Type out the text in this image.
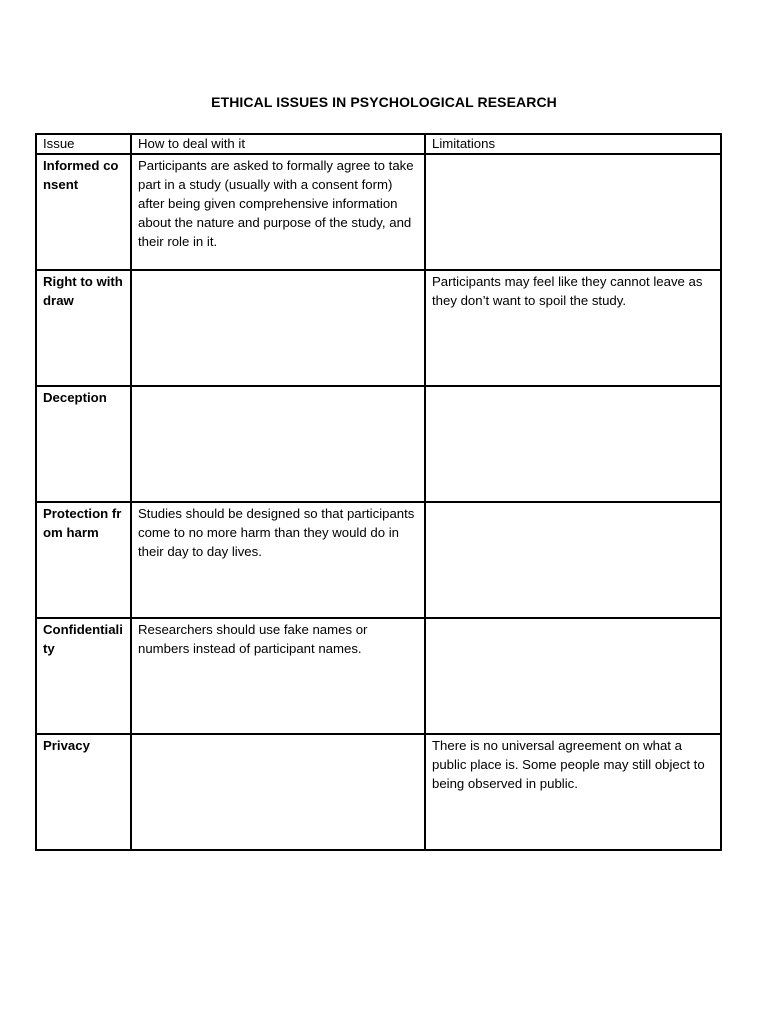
ETHICAL ISSUES IN PSYCHOLOGICAL RESEARCH
Issue	How to deal with it	Limitations
Informed consent	Participants are asked to formally agree to take part in a study (usually with a consent form) after being given comprehensive information about the nature and purpose of the study, and their role in it.	
Right to withdraw		Participants may feel like they cannot leave as they don’t want to spoil the study.
Deception		
Protection from harm	Studies should be designed so that participants come to no more harm than they would do in their day to day lives.	
Confidentiality	Researchers should use fake names or numbers instead of participant names.	
Privacy		There is no universal agreement on what a public place is. Some people may still object to being observed in public.
